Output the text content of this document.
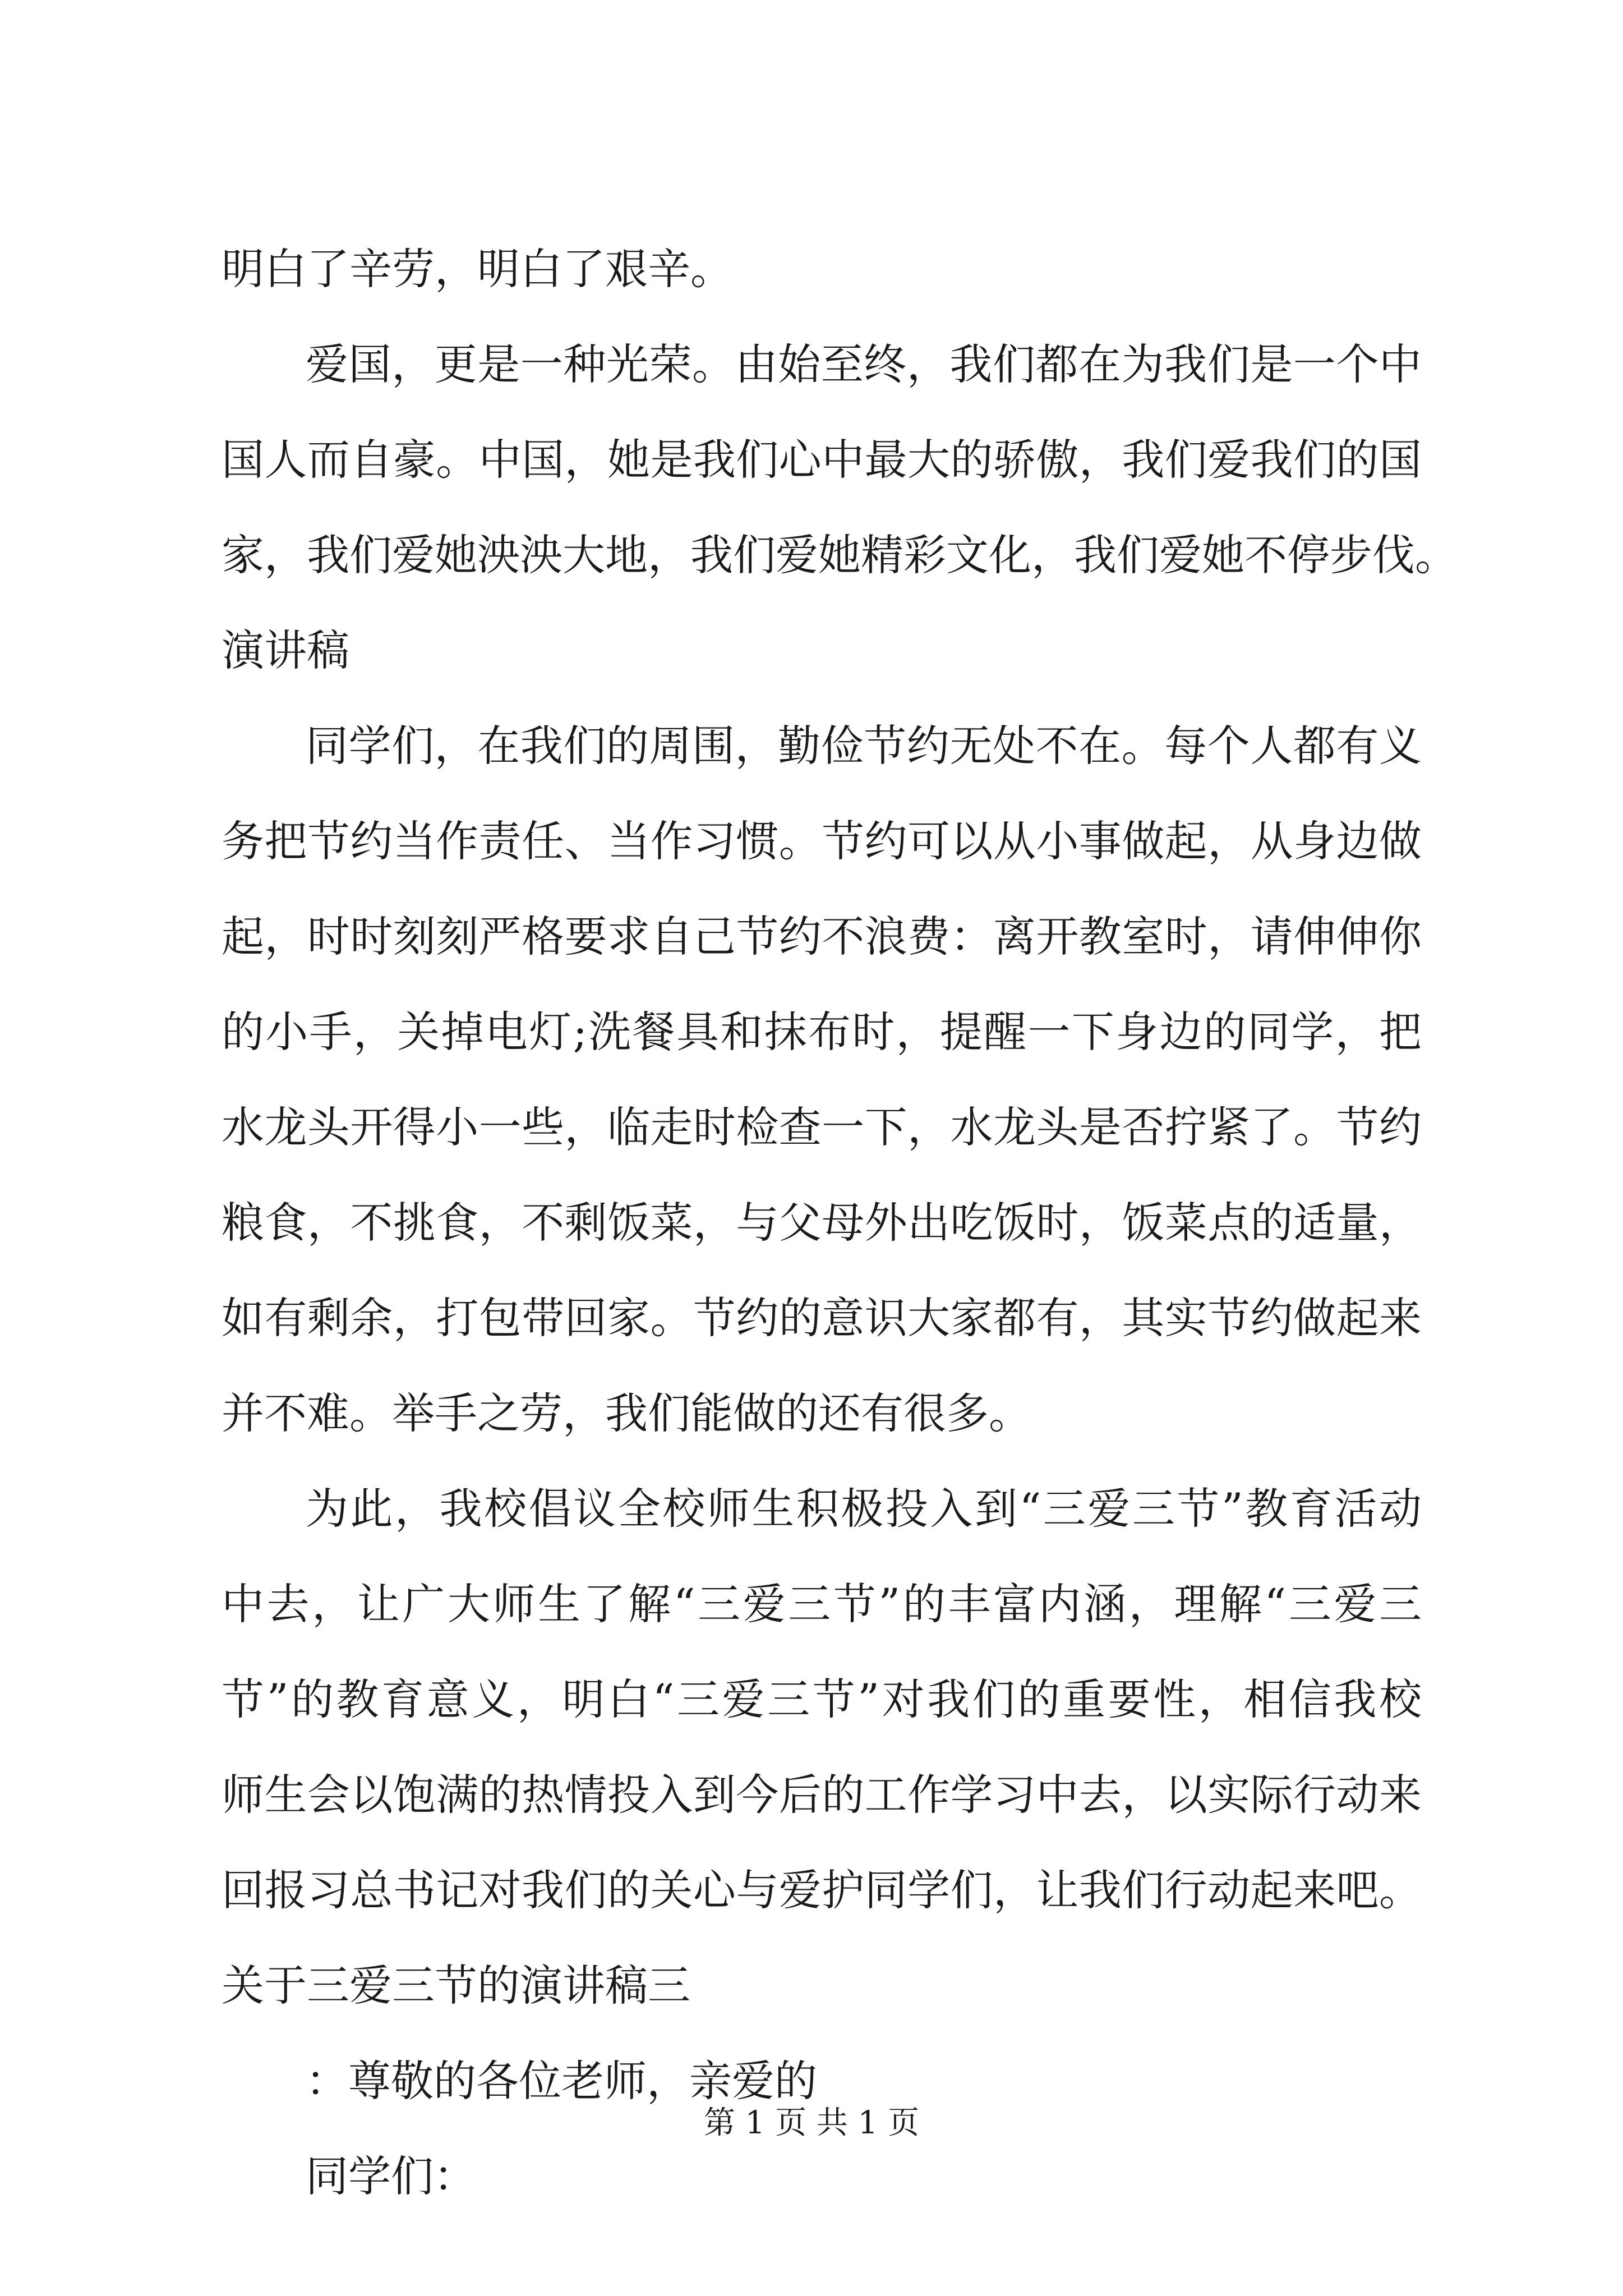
明白了辛劳，明白了艰辛。
爱国，更是一种光荣。由始至终，我们都在为我们是一个中
国人而自豪。中国，她是我们心中最大的骄傲，我们爱我们的国
家，我们爱她泱泱大地，我们爱她精彩文化，我们爱她不停步伐。
演讲稿
同学们，在我们的周围，勤俭节约无处不在。每个人都有义
务把节约当作责任、当作习惯。节约可以从小事做起，从身边做
起，时时刻刻严格要求自己节约不浪费：离开教室时，请伸伸你
的小手，关掉电灯;洗餐具和抹布时，提醒一下身边的同学，把
水龙头开得小一些，临走时检查一下，水龙头是否拧紧了。节约
粮食，不挑食，不剩饭菜，与父母外出吃饭时，饭菜点的适量，
如有剩余，打包带回家。节约的意识大家都有，其实节约做起来
并不难。举手之劳，我们能做的还有很多。
为此，我校倡议全校师生积极投入到“三爱三节”教育活动
中去，让广大师生了解“三爱三节”的丰富内涵，理解“三爱三
节”的教育意义，明白“三爱三节”对我们的重要性，相信我校
师生会以饱满的热情投入到今后的工作学习中去，以实际行动来
回报习总书记对我们的关心与爱护同学们，让我们行动起来吧。
关于三爱三节的演讲稿三
：尊敬的各位老师，亲爱的
同学们：
第 1 页 共 1 页
